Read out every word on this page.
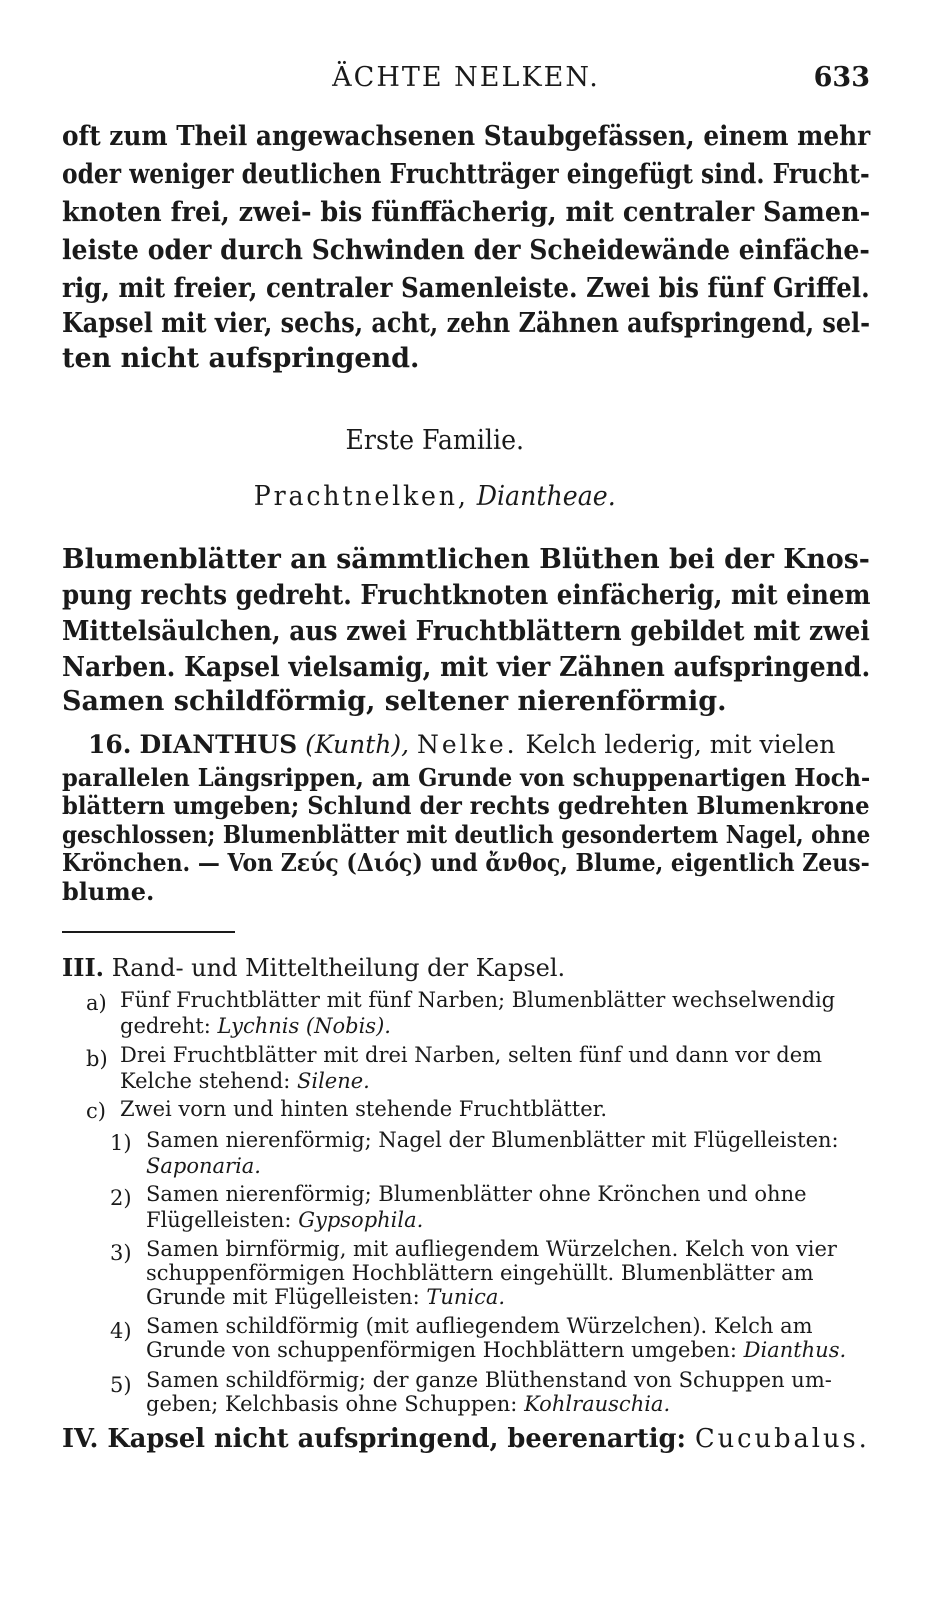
ÄCHTE NELKEN.	633
oft zum Theil angewachsenen Staubgefässen, einem mehr
oder weniger deutlichen Fruchtträger eingefügt sind. Frucht-
knoten frei, zwei- bis fünffächerig, mit centraler Samen-
leiste oder durch Schwinden der Scheidewände einfäche-
rig, mit freier, centraler Samenleiste. Zwei bis fünf Griffel.
Kapsel mit vier, sechs, acht, zehn Zähnen aufspringend, sel-
ten nicht aufspringend.
Erste Familie.
Prachtnelken, Diantheae.
Blumenblätter an sämmtlichen Blüthen bei der Knos-
pung rechts gedreht. Fruchtknoten einfächerig, mit einem
Mittelsäulchen, aus zwei Fruchtblättern gebildet mit zwei
Narben. Kapsel vielsamig, mit vier Zähnen aufspringend.
Samen schildförmig, seltener nierenförmig.
16. DIANTHUS (Kunth), Nelke. Kelch lederig, mit vielen
parallelen Längsrippen, am Grunde von schuppenartigen Hoch-
blättern umgeben; Schlund der rechts gedrehten Blumenkrone
geschlossen; Blumenblätter mit deutlich gesondertem Nagel, ohne
Krönchen. — Von Ζεύς (Διός) und ἄνθος, Blume, eigentlich Zeus-
blume.
III. Rand- und Mitteltheilung der Kapsel.
a) Fünf Fruchtblätter mit fünf Narben; Blumenblätter wechselwendig
gedreht: Lychnis (Nobis).
b) Drei Fruchtblätter mit drei Narben, selten fünf und dann vor dem
Kelche stehend: Silene.
c) Zwei vorn und hinten stehende Fruchtblätter.
1) Samen nierenförmig; Nagel der Blumenblätter mit Flügelleisten:
Saponaria.
2) Samen nierenförmig; Blumenblätter ohne Krönchen und ohne
Flügelleisten: Gypsophila.
3) Samen birnförmig, mit aufliegendem Würzelchen. Kelch von vier
schuppenförmigen Hochblättern eingehüllt. Blumenblätter am
Grunde mit Flügelleisten: Tunica.
4) Samen schildförmig (mit aufliegendem Würzelchen). Kelch am
Grunde von schuppenförmigen Hochblättern umgeben: Dianthus.
5) Samen schildförmig; der ganze Blüthenstand von Schuppen um-
geben; Kelchbasis ohne Schuppen: Kohlrauschia.
IV. Kapsel nicht aufspringend, beerenartig: Cucubalus.
